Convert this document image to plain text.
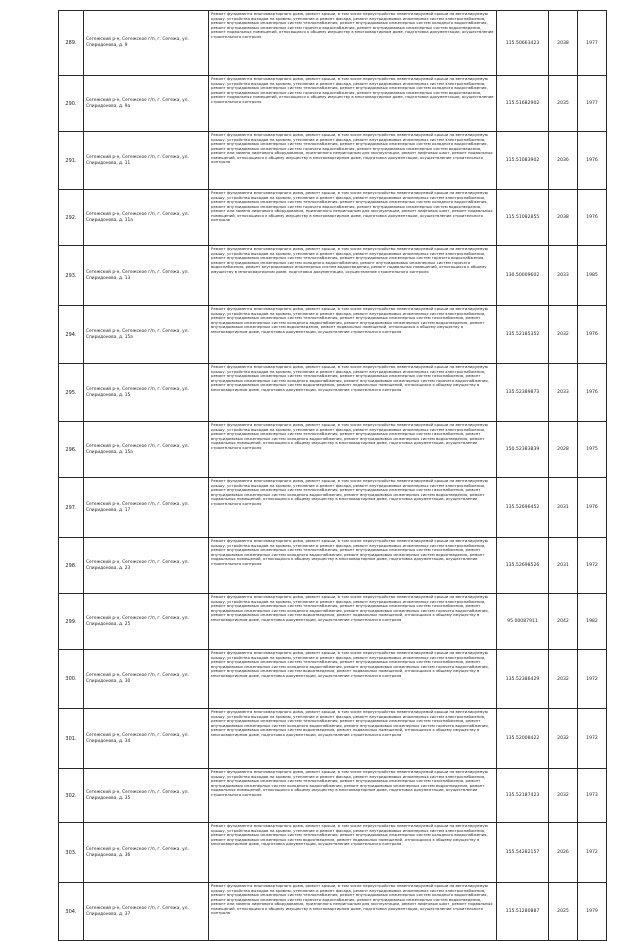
289.	Сегежский р-н, Сегежское г/п, г. Сегежа, ул. Спиридонова, д. 9	Ремонт фундамента многоквартирного дома, ремонт крыши, в том числе переустройство невентилируемой крыши на вентилируемую крышу, устройство выходов на кровлю, утепление и ремонт фасада, ремонт внутридомовых инженерных систем электроснабжения, ремонт внутридомовых инженерных систем теплоснабжения, ремонт внутридомовых инженерных систем холодного водоснабжения, ремонт внутридомовых инженерных систем горячего водоснабжения, ремонт внутридомовых инженерных систем водоотведения, ремонт подвальных помещений, относящихся к общему имуществу в многоквартирном доме, подготовка документации, осуществление строительного контроля	115.50663423	2038	1977
290.	Сегежский р-н, Сегежское г/п, г. Сегежа, ул. Спиридонова, д. 9а	Ремонт фундамента многоквартирного дома, ремонт крыши, в том числе переустройство невентилируемой крыши на вентилируемую крышу, устройство выходов на кровлю, утепление и ремонт фасада, ремонт внутридомовых инженерных систем электроснабжения, ремонт внутридомовых инженерных систем теплоснабжения, ремонт внутридомовых инженерных систем холодного водоснабжения, ремонт внутридомовых инженерных систем горячего водоснабжения, ремонт внутридомовых инженерных систем водоотведения, ремонт подвальных помещений, относящихся к общему имуществу в многоквартирном доме, подготовка документации, осуществление строительного контроля	115.51682902	2035	1977
291.	Сегежский р-н, Сегежское г/п, г. Сегежа, ул. Спиридонова, д. 11	Ремонт фундамента многоквартирного дома, ремонт крыши, в том числе переустройство невентилируемой крыши на вентилируемую крышу, устройство выходов на кровлю, утепление и ремонт фасада, ремонт внутридомовых инженерных систем электроснабжения, ремонт внутридомовых инженерных систем теплоснабжения, ремонт внутридомовых инженерных систем холодного водоснабжения, ремонт внутридомовых инженерных систем горячего водоснабжения, ремонт внутридомовых инженерных систем водоотведения, ремонт или замена лифтового оборудования, признанного непригодным для эксплуатации, ремонт лифтовых шахт, ремонт подвальных помещений, относящихся к общему имуществу в многоквартирном доме, подготовка документации, осуществление строительного контроля	115.51083902	2036	1976
292.	Сегежский р-н, Сегежское г/п, г. Сегежа, ул. Спиридонова, д. 11а	Ремонт фундамента многоквартирного дома, ремонт крыши, в том числе переустройство невентилируемой крыши на вентилируемую крышу, устройство выходов на кровлю, утепление и ремонт фасада, ремонт внутридомовых инженерных систем электроснабжения, ремонт внутридомовых инженерных систем теплоснабжения, ремонт внутридомовых инженерных систем холодного водоснабжения, ремонт внутридомовых инженерных систем горячего водоснабжения, ремонт внутридомовых инженерных систем водоотведения, ремонт или замена лифтового оборудования, признанного непригодным для эксплуатации, ремонт лифтовых шахт, ремонт подвальных помещений, относящихся к общему имуществу в многоквартирном доме, подготовка документации, осуществление строительного контроля	115.51082855	2038	1976
293.	Сегежский р-н, Сегежское г/п, г. Сегежа, ул. Спиридонова, д. 13	Ремонт фундамента многоквартирного дома, ремонт крыши, в том числе переустройство невентилируемой крыши на вентилируемую крышу, устройство выходов на кровлю, утепление и ремонт фасада, ремонт внутридомовых инженерных систем электроснабжения, ремонт внутридомовых инженерных систем теплоснабжения, ремонт внутридомовых инженерных систем горячего водоснабжения, ремонт внутридомовых инженерных систем холодного водоснабжения, ремонт внутридомовых инженерных систем горячего водоснабжения, ремонт внутридомовых инженерных систем водоотведения, ремонт подвальных помещений, относящихся к общему имуществу в многоквартирном доме, подготовка документации, осуществление строительного контроля	130.50009602	2033	1985
294.	Сегежский р-н, Сегежское г/п, г. Сегежа, ул. Спиридонова, д. 15а	Ремонт фундамента многоквартирного дома, ремонт крыши, в том числе переустройство невентилируемой крыши на вентилируемую крышу, устройство выходов на кровлю, утепление и ремонт фасада, ремонт внутридомовых инженерных систем электроснабжения, ремонт внутридомовых инженерных систем теплоснабжения, ремонт внутридомовых инженерных систем газоснабжения, ремонт внутридомовых инженерных систем холодного водоснабжения, ремонт внутридомовых инженерных систем водоотведения, ремонт внутридомовых инженерных систем водоотведения, ремонт подвальных помещений, относящихся к общему имуществу в многоквартирном доме, подготовка документации, осуществление строительного контроля	135.52185352	2032	1976
295.	Сегежский р-н, Сегежское г/п, г. Сегежа, ул. Спиридонова, д. 15	Ремонт фундамента многоквартирного дома, ремонт крыши, в том числе переустройство невентилируемой крыши на вентилируемую крышу, устройство выходов на кровлю, утепление и ремонт фасада, ремонт внутридомовых инженерных систем электроснабжения, ремонт внутридомовых инженерных систем теплоснабжения, ремонт внутридомовых инженерных систем газоснабжения, ремонт внутридомовых инженерных систем холодного водоснабжения, ремонт внутридомовых инженерных систем горячего водоснабжения, ремонт внутридомовых инженерных систем водоотведения, ремонт подвальных помещений, относящихся к общему имуществу в многоквартирном доме, подготовка документации, осуществление строительного контроля	135.52389873	2033	1976
296.	Сегежский р-н, Сегежское г/п, г. Сегежа, ул. Спиридонова, д. 15а	Ремонт фундамента многоквартирного дома, ремонт крыши, в том числе переустройство невентилируемой крыши на вентилируемую крышу, устройство выходов на кровлю, утепление и ремонт фасада, ремонт внутридомовых инженерных систем электроснабжения, ремонт внутридомовых инженерных систем теплоснабжения, ремонт внутридомовых инженерных систем газоснабжения, ремонт внутридомовых инженерных систем холодного водоснабжения, ремонт внутридомовых инженерных систем водоотведения, ремонт подвальных помещений, относящихся к общему имуществу в многоквартирном доме, подготовка документации, осуществление строительного контроля	150.52383839	2028	1975
297.	Сегежский р-н, Сегежское г/п, г. Сегежа, ул. Спиридонова, д. 17	Ремонт фундамента многоквартирного дома, ремонт крыши, в том числе переустройство невентилируемой крыши на вентилируемую крышу, устройство выходов на кровлю, утепление и ремонт фасада, ремонт внутридомовых инженерных систем электроснабжения, ремонт внутридомовых инженерных систем теплоснабжения, ремонт внутридомовых инженерных систем газоснабжения, ремонт внутридомовых инженерных систем холодного водоснабжения, ремонт внутридомовых инженерных систем водоотведения, ремонт подвальных помещений, относящихся к общему имуществу в многоквартирном доме, подготовка документации, осуществление строительного контроля	135.52696452	2031	1976
298.	Сегежский р-н, Сегежское г/п, г. Сегежа, ул. Спиридонова, д. 23	Ремонт фундамента многоквартирного дома, ремонт крыши, в том числе переустройство невентилируемой крыши на вентилируемую крышу, устройство выходов на кровлю, утепление и ремонт фасада, ремонт внутридомовых инженерных систем электроснабжения, ремонт внутридомовых инженерных систем теплоснабжения, ремонт внутридомовых инженерных систем газоснабжения, ремонт внутридомовых инженерных систем холодного водоснабжения, ремонт внутридомовых инженерных систем водоотведения, ремонт подвальных помещений, относящихся к общему имуществу в многоквартирном доме, подготовка документации, осуществление строительного контроля	135.52698526	2031	1972
299.	Сегежский р-н, Сегежское г/п, г. Сегежа, ул. Спиридонова, д. 25	Ремонт фундамента многоквартирного дома, ремонт крыши, в том числе переустройство невентилируемой крыши на вентилируемую крышу, устройство выходов на кровлю, утепление и ремонт фасада, ремонт внутридомовых инженерных систем электроснабжения, ремонт внутридомовых инженерных систем теплоснабжения, ремонт внутридомовых инженерных систем газоснабжения, ремонт внутридомовых инженерных систем холодного водоснабжения, ремонт внутридомовых инженерных систем горячего водоснабжения, ремонт внутридомовых инженерных систем водоотведения, ремонт подвальных помещений, относящихся к общему имуществу в многоквартирном доме, подготовка документации, осуществление строительного контроля	95.00087911	2042	1982
300.	Сегежский р-н, Сегежское г/п, г. Сегежа, ул. Спиридонова, д. 30	Ремонт фундамента многоквартирного дома, ремонт крыши, в том числе переустройство невентилируемой крыши на вентилируемую крышу, устройство выходов на кровлю, утепление и ремонт фасада, ремонт внутридомовых инженерных систем электроснабжения, ремонт внутридомовых инженерных систем теплоснабжения, ремонт внутридомовых инженерных систем газоснабжения, ремонт внутридомовых инженерных систем холодного водоснабжения, ремонт внутридомовых инженерных систем горячего водоснабжения, ремонт внутридомовых инженерных систем водоотведения, ремонт подвальных помещений, относящихся к общему имуществу в многоквартирном доме, подготовка документации, осуществление строительного контроля	135.52386429	2032	1972
301.	Сегежский р-н, Сегежское г/п, г. Сегежа, ул. Спиридонова, д. 34	Ремонт фундамента многоквартирного дома, ремонт крыши, в том числе переустройство невентилируемой крыши на вентилируемую крышу, устройство выходов на кровлю, утепление и ремонт фасада, ремонт внутридомовых инженерных систем электроснабжения, ремонт внутридомовых инженерных систем теплоснабжения, ремонт внутридомовых инженерных систем газоснабжения, ремонт внутридомовых инженерных систем холодного водоснабжения, ремонт внутридомовых инженерных систем горячего водоснабжения, ремонт внутридомовых инженерных систем водоотведения, ремонт подвальных помещений, относящихся к общему имуществу в многоквартирном доме, подготовка документации, осуществление строительного контроля	135.52008422	2032	1972
302.	Сегежский р-н, Сегежское г/п, г. Сегежа, ул. Спиридонова, д. 35	Ремонт фундамента многоквартирного дома, ремонт крыши, в том числе переустройство невентилируемой крыши на вентилируемую крышу, устройство выходов на кровлю, утепление и ремонт фасада, ремонт внутридомовых инженерных систем электроснабжения, ремонт внутридомовых инженерных систем теплоснабжения, ремонт внутридомовых инженерных систем газоснабжения, ремонт внутридомовых инженерных систем холодного водоснабжения, ремонт внутридомовых инженерных систем водоотведения, ремонт подвальных помещений, относящихся к общему имуществу в многоквартирном доме, подготовка документации, осуществление строительного контроля	135.52187423	2032	1973
303.	Сегежский р-н, Сегежское г/п, г. Сегежа, ул. Спиридонова, д. 36	Ремонт фундамента многоквартирного дома, ремонт крыши, в том числе переустройство невентилируемой крыши на вентилируемую крышу, устройство выходов на кровлю, утепление и ремонт фасада, ремонт внутридомовых инженерных систем электроснабжения, ремонт внутридомовых инженерных систем теплоснабжения, ремонт внутридомовых инженерных систем холодного водоснабжения, ремонт внутридомовых инженерных систем водоотведения, ремонт подвальных помещений, относящихся к общему имуществу в многоквартирном доме, подготовка документации, осуществление строительного контроля	155.54282157	2026	1972
304.	Сегежский р-н, Сегежское г/п, г. Сегежа, ул. Спиридонова, д. 37	Ремонт фундамента многоквартирного дома, ремонт крыши, в том числе переустройство невентилируемой крыши на вентилируемую крышу, устройство выходов на кровлю, утепление и ремонт фасада, ремонт внутридомовых инженерных систем электроснабжения, ремонт внутридомовых инженерных систем теплоснабжения, ремонт внутридомовых инженерных систем холодного водоснабжения, ремонт внутридомовых инженерных систем горячего водоснабжения, ремонт внутридомовых инженерных систем водоотведения, ремонт или замена лифтового оборудования, признанного непригодным для эксплуатации, ремонт лифтовых шахт, ремонт подвальных помещений, относящихся к общему имуществу в многоквартирном доме, подготовка документации, осуществление строительного контроля	115.51280887	2025	1979
